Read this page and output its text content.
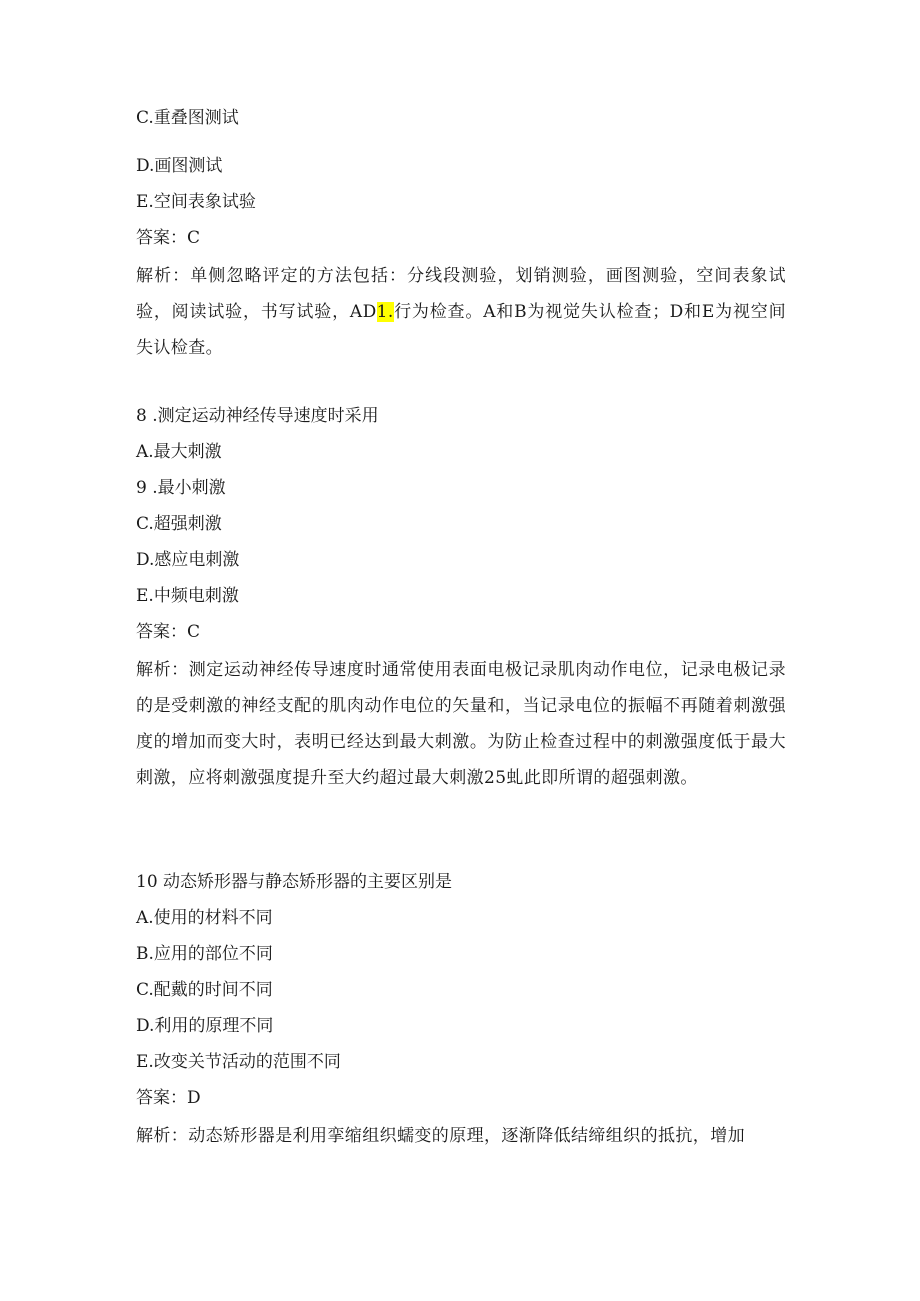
C.重叠图测试
D.画图测试
E.空间表象试验
答案：C
解析：单侧忽略评定的方法包括：分线段测验，划销测验，画图测验，空间表象试验，阅读试验，书写试验，AD1.行为检查。A和B为视觉失认检查；D和E为视空间失认检查。
8 .测定运动神经传导速度时采用
A.最大刺激
9 .最小刺激
C.超强刺激
D.感应电刺激
E.中频电刺激
答案：C
解析：测定运动神经传导速度时通常使用表面电极记录肌肉动作电位，记录电极记录的是受刺激的神经支配的肌肉动作电位的矢量和，当记录电位的振幅不再随着刺激强度的增加而变大时，表明已经达到最大刺激。为防止检查过程中的刺激强度低于最大刺激，应将刺激强度提升至大约超过最大刺激25虬此即所谓的超强刺激。
10 动态矫形器与静态矫形器的主要区别是
A.使用的材料不同
B.应用的部位不同
C.配戴的时间不同
D.利用的原理不同
E.改变关节活动的范围不同
答案：D
解析：动态矫形器是利用挛缩组织蠕变的原理，逐渐降低结缔组织的抵抗，增加
